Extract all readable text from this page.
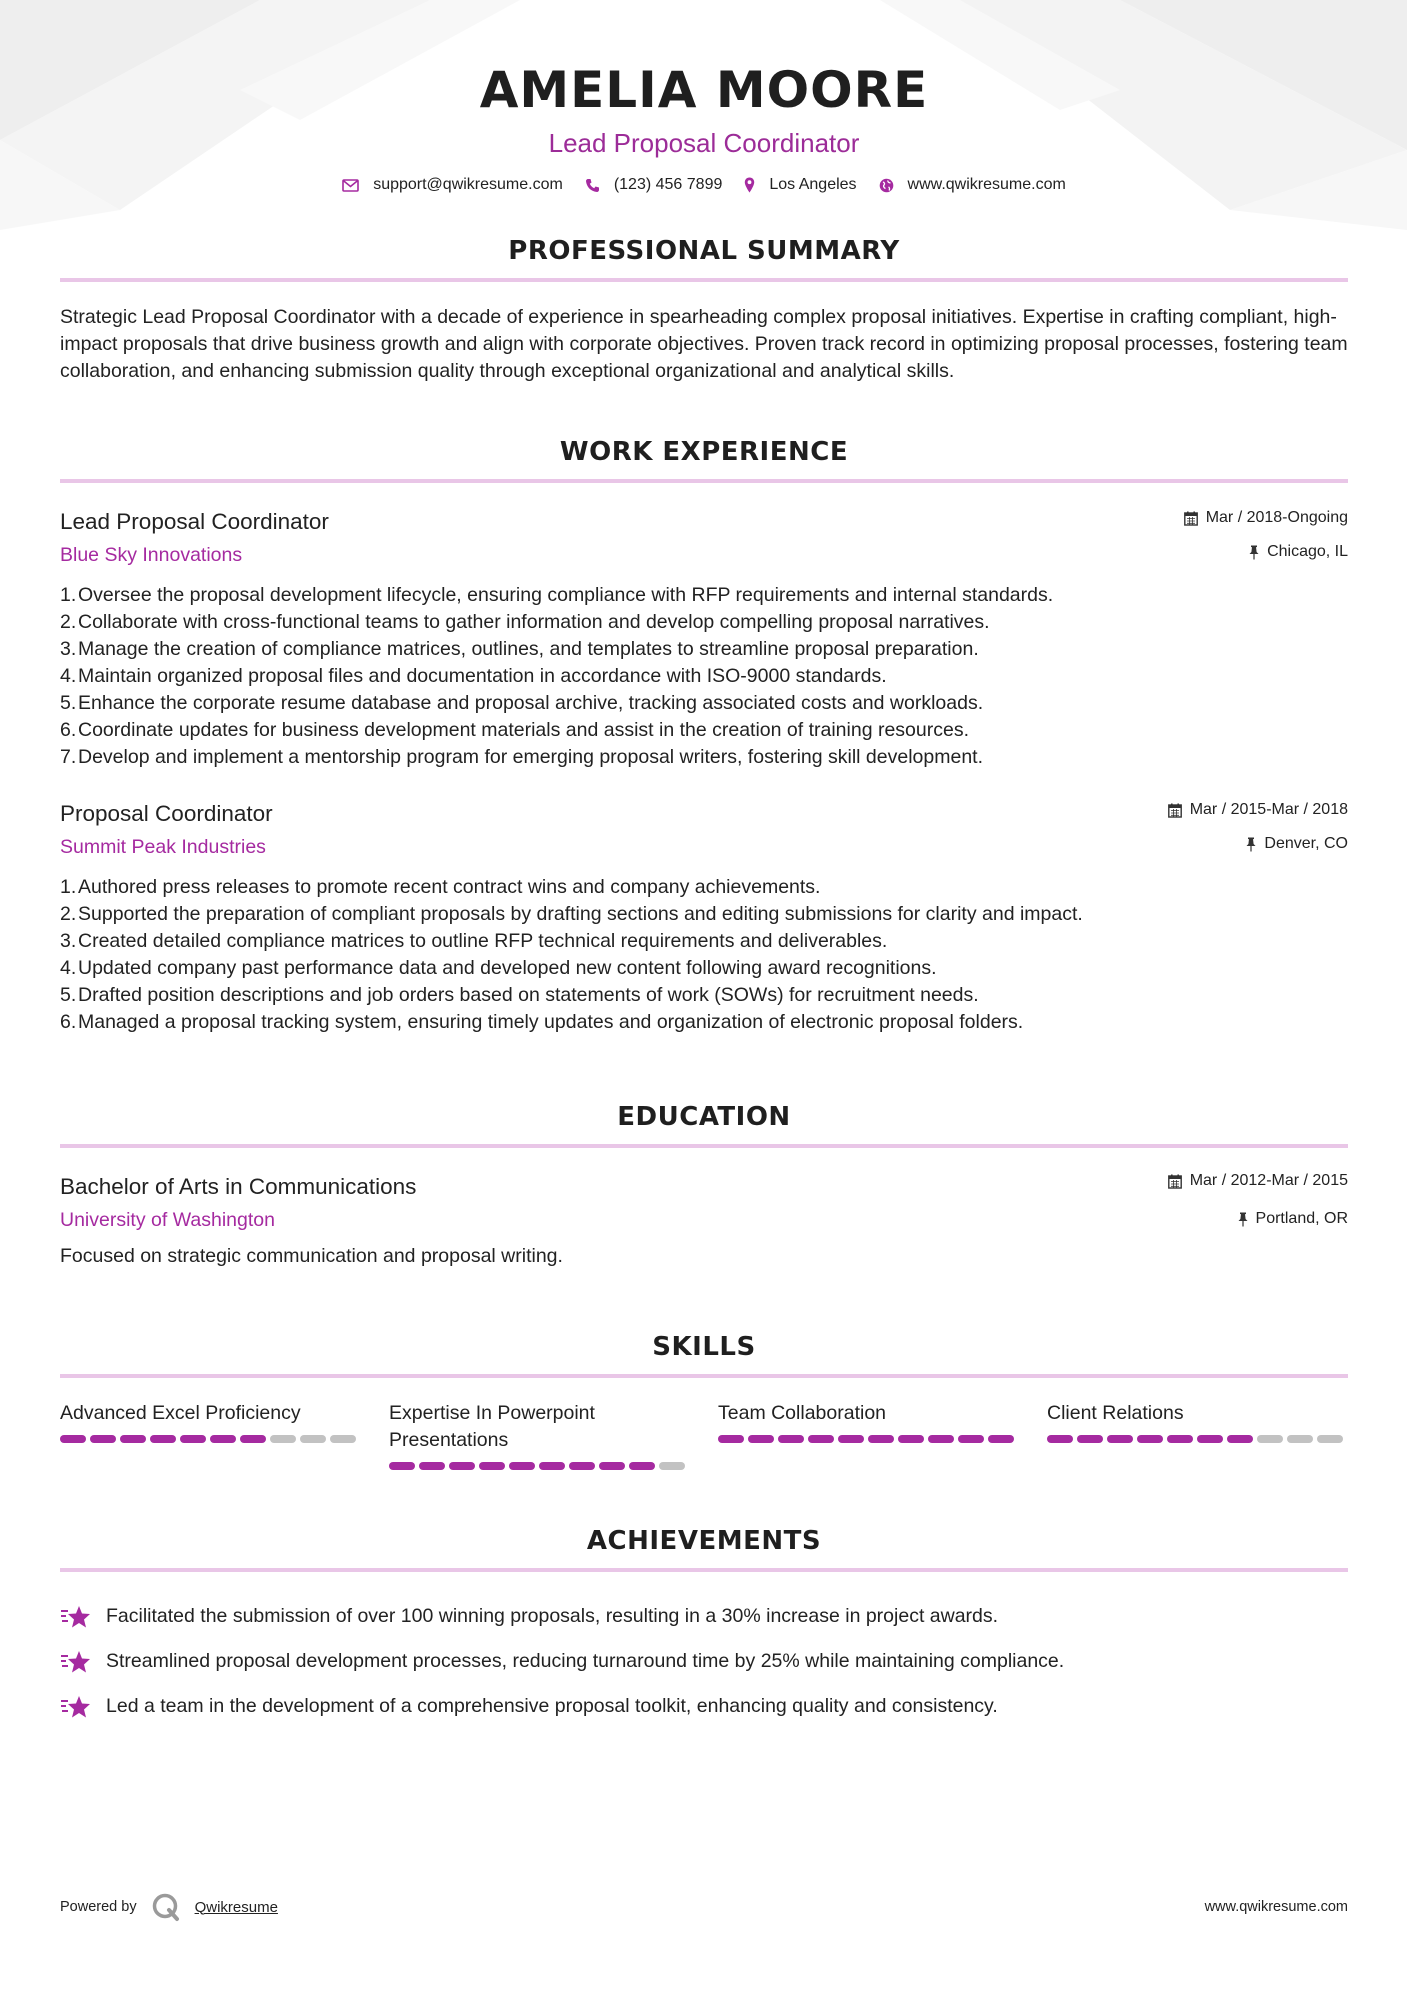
AMELIA MOORE
Lead Proposal Coordinator
support@qwikresume.com	(123) 456 7899	Los Angeles	www.qwikresume.com
PROFESSIONAL SUMMARY

Strategic Lead Proposal Coordinator with a decade of experience in spearheading complex proposal initiatives. Expertise in crafting compliant, high-impact proposals that drive business growth and align with corporate objectives. Proven track record in optimizing proposal processes, fostering team collaboration, and enhancing submission quality through exceptional organizational and analytical skills.

WORK EXPERIENCE
Mar / 2018-Ongoing
Chicago, IL
Lead Proposal Coordinator
Blue Sky Innovations
1. Oversee the proposal development lifecycle, ensuring compliance with RFP requirements and internal standards.
2. Collaborate with cross-functional teams to gather information and develop compelling proposal narratives.
3. Manage the creation of compliance matrices, outlines, and templates to streamline proposal preparation.
4. Maintain organized proposal files and documentation in accordance with ISO-9000 standards.
5. Enhance the corporate resume database and proposal archive, tracking associated costs and workloads.
6. Coordinate updates for business development materials and assist in the creation of training resources.
7. Develop and implement a mentorship program for emerging proposal writers, fostering skill development.
Mar / 2015-Mar / 2018
Denver, CO
Proposal Coordinator
Summit Peak Industries
1. Authored press releases to promote recent contract wins and company achievements.
2. Supported the preparation of compliant proposals by drafting sections and editing submissions for clarity and impact.
3. Created detailed compliance matrices to outline RFP technical requirements and deliverables.
4. Updated company past performance data and developed new content following award recognitions.
5. Drafted position descriptions and job orders based on statements of work (SOWs) for recruitment needs.
6. Managed a proposal tracking system, ensuring timely updates and organization of electronic proposal folders.
EDUCATION
Mar / 2012-Mar / 2015
Portland, OR
Bachelor of Arts in Communications
University of Washington

Focused on strategic communication and proposal writing.

SKILLS
Advanced Excel Proficiency	Expertise In Powerpoint Presentations
Team Collaboration	Client Relations
ACHIEVEMENTS
Facilitated the submission of over 100 winning proposals, resulting in a 30% increase in project awards.
Streamlined proposal development processes, reducing turnaround time by 25% while maintaining compliance.
Led a team in the development of a comprehensive proposal toolkit, enhancing quality and consistency.
Powered by	Qwikresume	www.qwikresume.com
